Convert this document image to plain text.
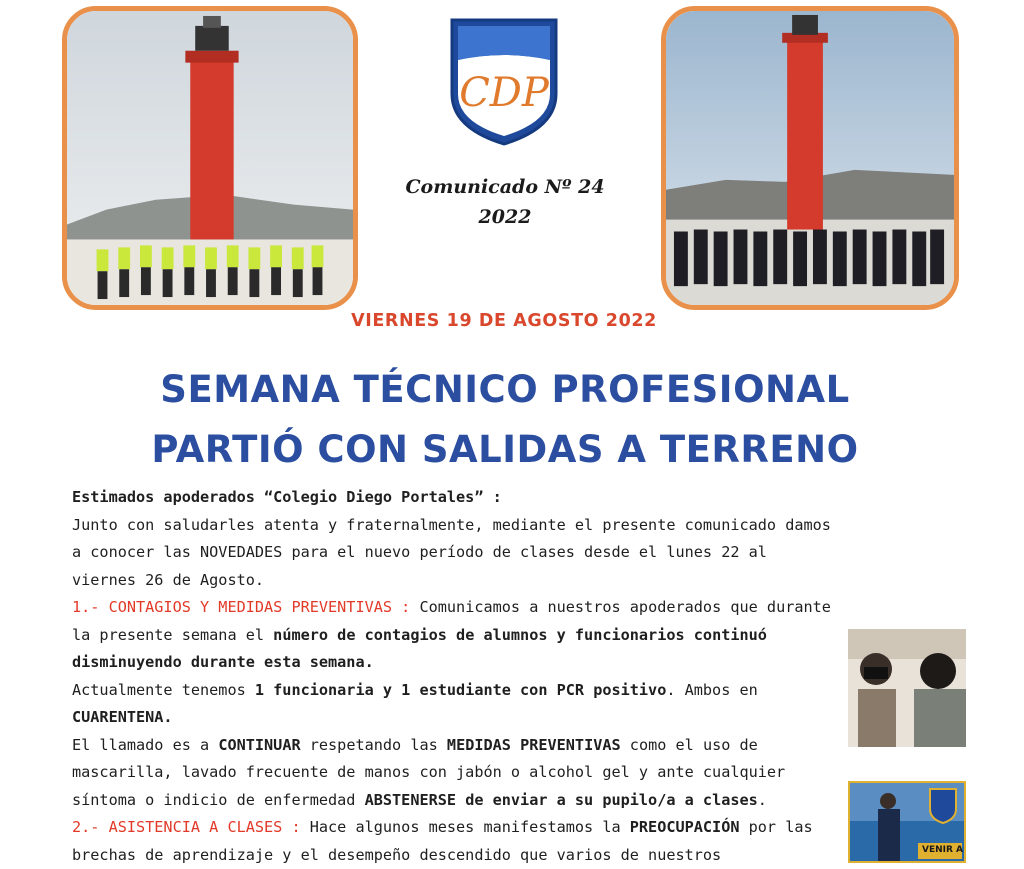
CDP
Comunicado Nº 24
2022
VIERNES 19 DE AGOSTO 2022
SEMANA TÉCNICO PROFESIONAL
PARTIÓ CON SALIDAS A TERRENO

Estimados apoderados “Colegio Diego Portales” :

Junto con saludarles atenta y fraternalmente, mediante el presente comunicado damos a conocer las NOVEDADES para el nuevo período de clases desde el lunes 22 al viernes 26 de Agosto.

1.- CONTAGIOS Y MEDIDAS PREVENTIVAS : Comunicamos a nuestros apoderados que durante la presente semana el número de contagios de alumnos y funcionarios continuó disminuyendo durante esta semana.

Actualmente tenemos 1 funcionaria y 1 estudiante con PCR positivo. Ambos en CUARENTENA.

El llamado es a CONTINUAR respetando las MEDIDAS PREVENTIVAS como el uso de mascarilla, lavado frecuente de manos con jabón o alcohol gel y ante cualquier síntoma o indicio de enfermedad ABSTENERSE de enviar a su pupilo/a a clases.

2.- ASISTENCIA A CLASES : Hace algunos meses manifestamos la PREOCUPACIÓN por las brechas de aprendizaje y el desempeño descendido que varios de nuestros	VENIR A
